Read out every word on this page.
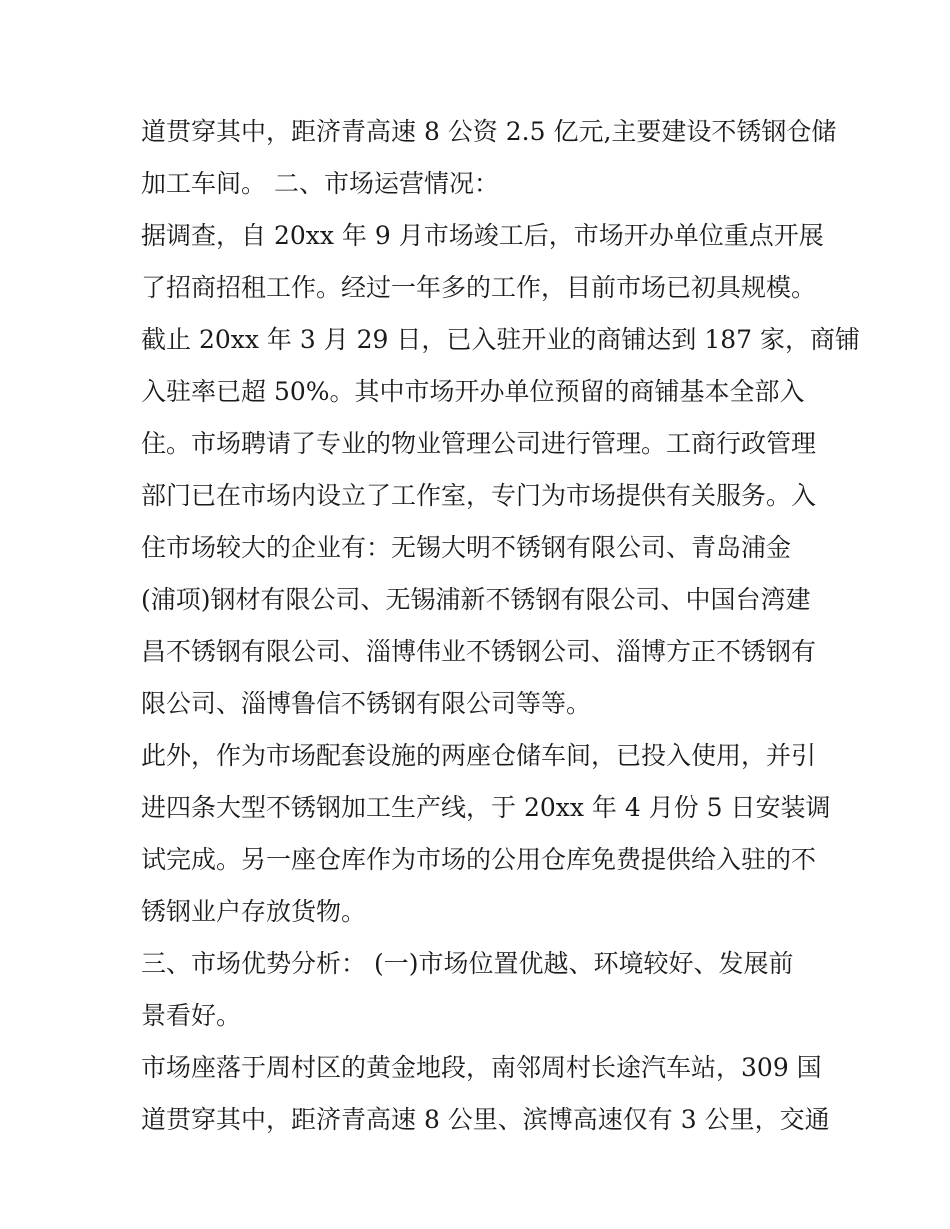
道贯穿其中，距济青高速 8 公资 2.5 亿元,主要建设不锈钢仓储
加工车间。 二、市场运营情况：
据调查，自 20xx 年 9 月市场竣工后，市场开办单位重点开展
了招商招租工作。经过一年多的工作，目前市场已初具规模。
截止 20xx 年 3 月 29 日，已入驻开业的商铺达到 187 家，商铺
入驻率已超 50%。其中市场开办单位预留的商铺基本全部入
住。市场聘请了专业的物业管理公司进行管理。工商行政管理
部门已在市场内设立了工作室，专门为市场提供有关服务。入
住市场较大的企业有：无锡大明不锈钢有限公司、青岛浦金
(浦项)钢材有限公司、无锡浦新不锈钢有限公司、中国台湾建
昌不锈钢有限公司、淄博伟业不锈钢公司、淄博方正不锈钢有
限公司、淄博鲁信不锈钢有限公司等等。
此外，作为市场配套设施的两座仓储车间，已投入使用，并引
进四条大型不锈钢加工生产线，于 20xx 年 4 月份 5 日安装调
试完成。另一座仓库作为市场的公用仓库免费提供给入驻的不
锈钢业户存放货物。
三、市场优势分析： (一)市场位置优越、环境较好、发展前
景看好。
市场座落于周村区的黄金地段，南邻周村长途汽车站，309 国
道贯穿其中，距济青高速 8 公里、滨博高速仅有 3 公里，交通
